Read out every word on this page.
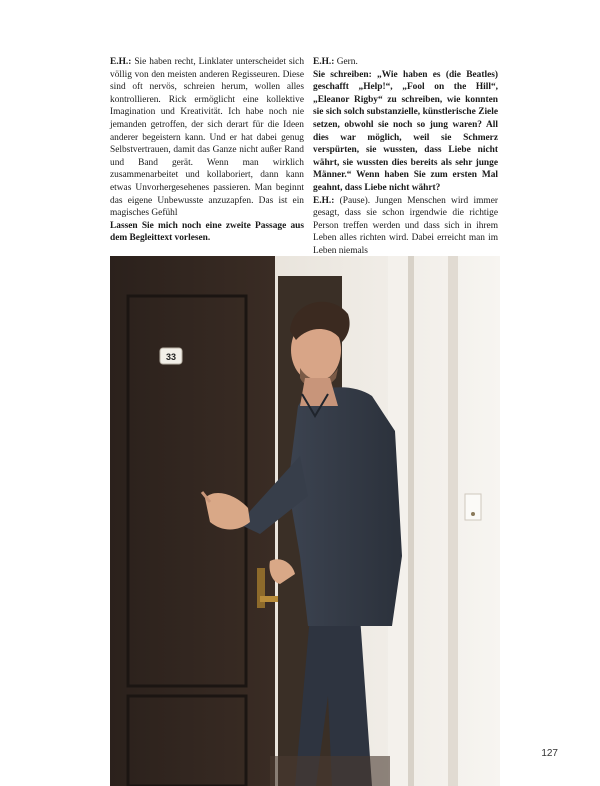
E.H.: Sie haben recht, Linklater unterscheidet sich völlig von den meisten anderen Regisseuren. Diese sind oft nervös, schreien herum, wollen alles kontrollieren. Rick ermöglicht eine kollektive Imagination und Kreativität. Ich habe noch nie jemanden getroffen, der sich derart für die Ideen anderer begeistern kann. Und er hat dabei genug Selbstvertrauen, damit das Ganze nicht außer Rand und Band gerät. Wenn man wirklich zusammenarbeitet und kollaboriert, dann kann etwas Unvorhergesehenes passieren. Man beginnt das eigene Unbewusste anzuzapfen. Das ist ein magisches Gefühl

Lassen Sie mich noch eine zweite Passage aus dem Begleittext vorlesen.

E.H.: Gern.

Sie schreiben: „Wie haben es (die Beatles) geschafft „Help!“, „Fool on the Hill“, „Eleanor Rigby“ zu schreiben, wie konnten sie sich solch substanzielle, künstlerische Ziele setzen, obwohl sie noch so jung waren? All dies war möglich, weil sie Schmerz verspürten, sie wussten, dass Liebe nicht währt, sie wussten dies bereits als sehr junge Männer.“ Wenn haben Sie zum ersten Mal geahnt, dass Liebe nicht währt?

E.H.: (Pause). Jungen Menschen wird immer gesagt, dass sie schon irgendwie die richtige Person treffen werden und dass sich in ihrem Leben alles richten wird. Dabei erreicht man im Leben niemals

33
127
